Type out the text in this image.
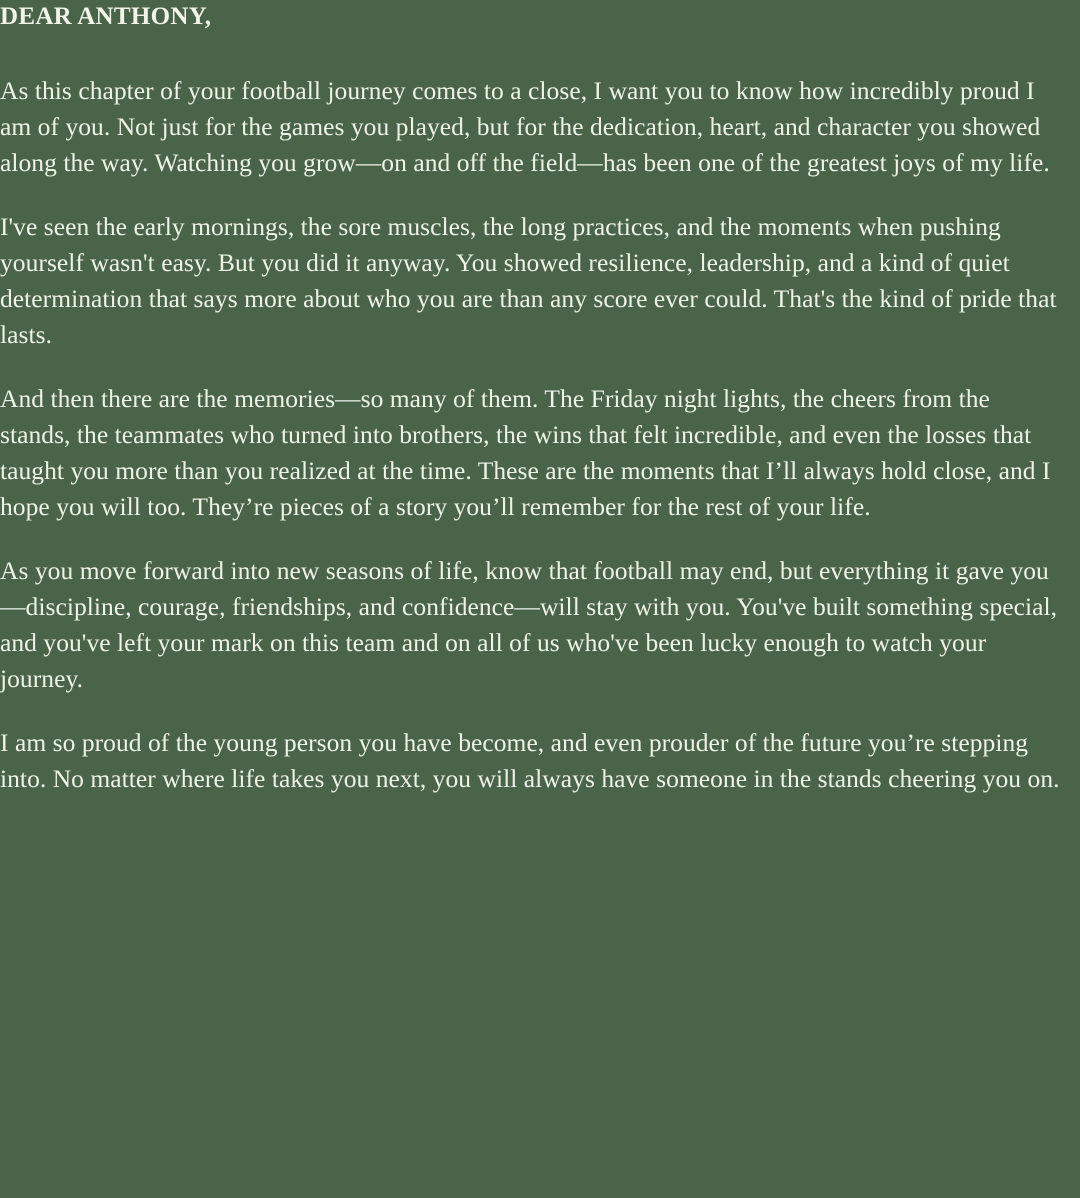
DEAR ANTHONY,

As this chapter of your football journey comes to a close, I want you to know how incredibly proud I am of you. Not just for the games you played, but for the dedication, heart, and character you showed along the way. Watching you grow—on and off the field—has been one of the greatest joys of my life.

I've seen the early mornings, the sore muscles, the long practices, and the moments when pushing yourself wasn't easy. But you did it anyway. You showed resilience, leadership, and a kind of quiet determination that says more about who you are than any score ever could. That's the kind of pride that lasts.

And then there are the memories—so many of them. The Friday night lights, the cheers from the stands, the teammates who turned into brothers, the wins that felt incredible, and even the losses that taught you more than you realized at the time. These are the moments that I’ll always hold close, and I hope you will too. They’re pieces of a story you’ll remember for the rest of your life.

As you move forward into new seasons of life, know that football may end, but everything it gave you—discipline, courage, friendships, and confidence—will stay with you. You've built something special, and you've left your mark on this team and on all of us who've been lucky enough to watch your journey.

I am so proud of the young person you have become, and even prouder of the future you’re stepping into. No matter where life takes you next, you will always have someone in the stands cheering you on.
